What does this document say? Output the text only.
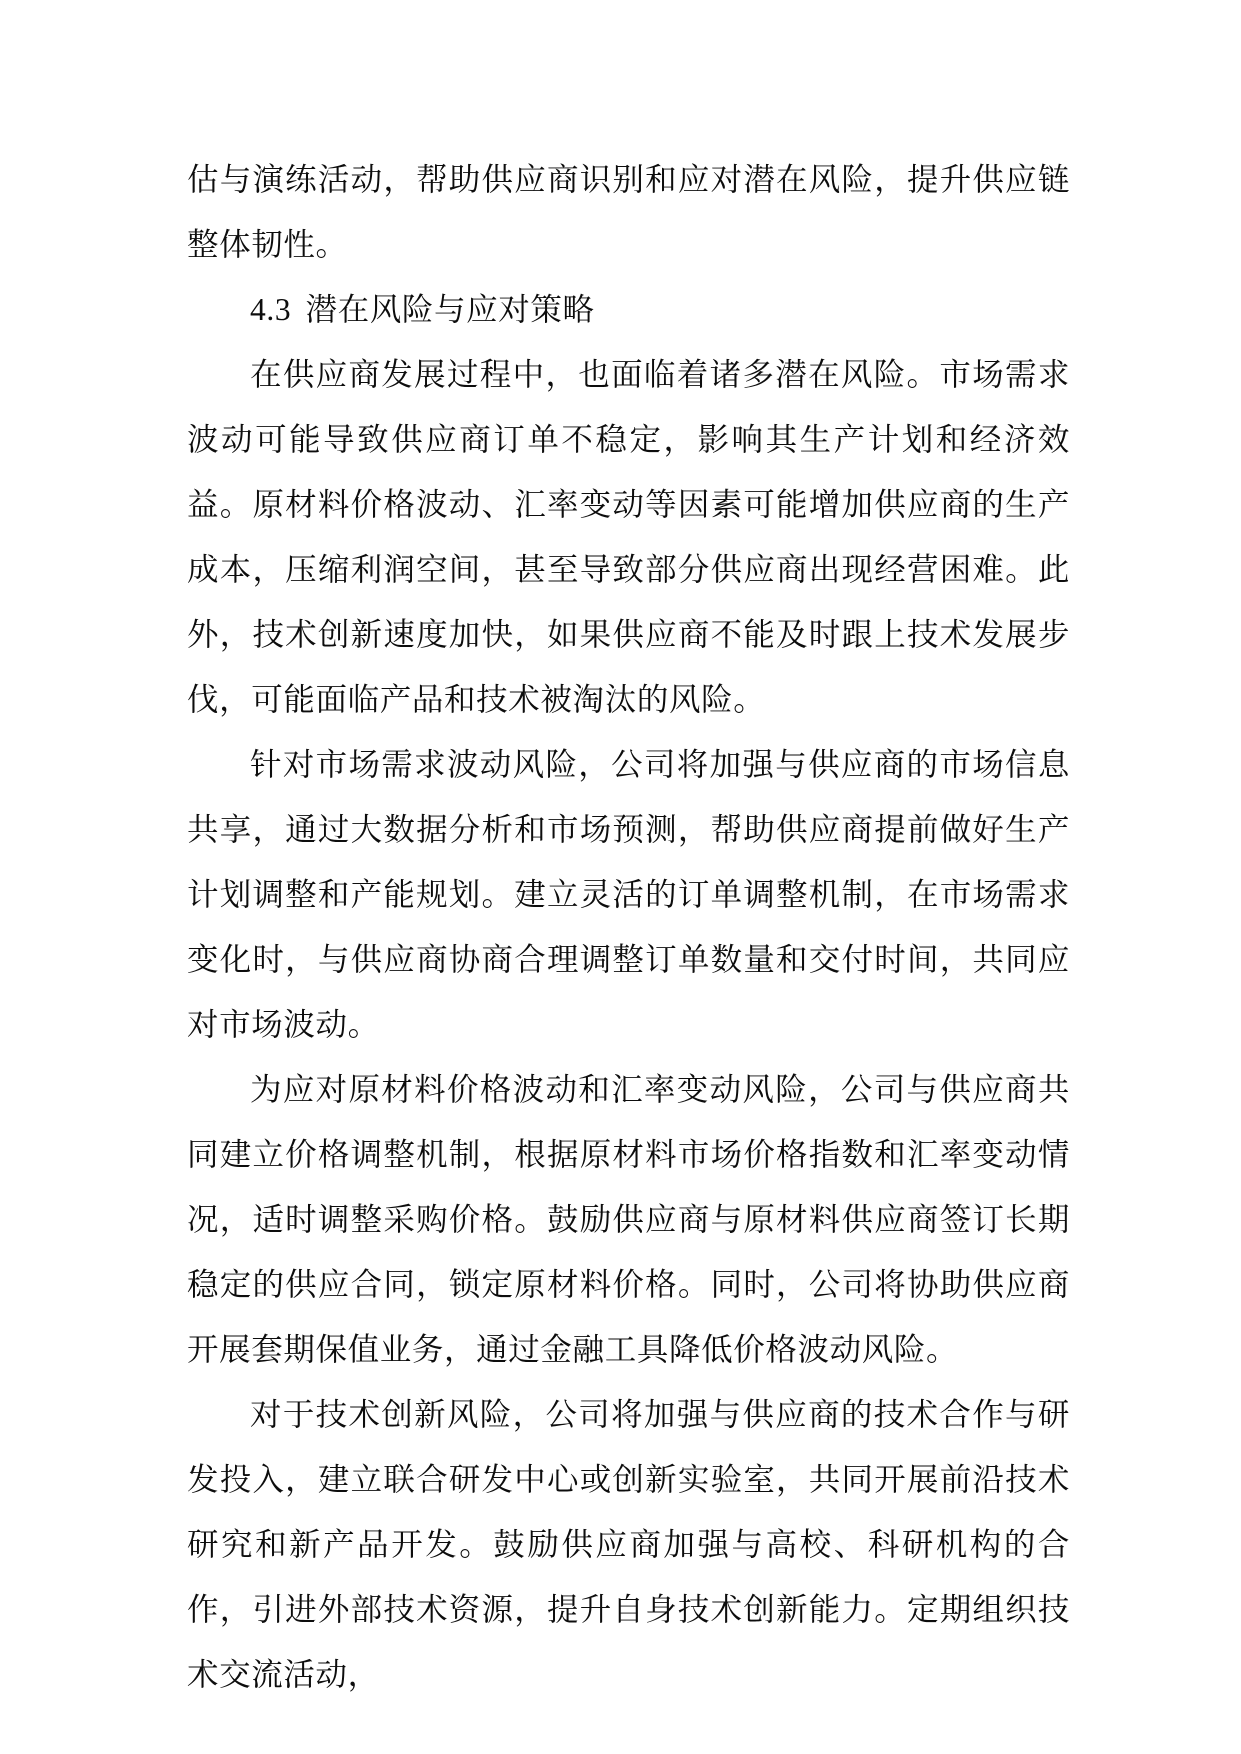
估与演练活动，帮助供应商识别和应对潜在风险，提升供应链整体韧性。

4.3 潜在风险与应对策略

在供应商发展过程中，也面临着诸多潜在风险。市场需求波动可能导致供应商订单不稳定，影响其生产计划和经济效益。原材料价格波动、汇率变动等因素可能增加供应商的生产成本，压缩利润空间，甚至导致部分供应商出现经营困难。此外，技术创新速度加快，如果供应商不能及时跟上技术发展步伐，可能面临产品和技术被淘汰的风险。

针对市场需求波动风险，公司将加强与供应商的市场信息共享，通过大数据分析和市场预测，帮助供应商提前做好生产计划调整和产能规划。建立灵活的订单调整机制，在市场需求变化时，与供应商协商合理调整订单数量和交付时间，共同应对市场波动。

为应对原材料价格波动和汇率变动风险，公司与供应商共同建立价格调整机制，根据原材料市场价格指数和汇率变动情况，适时调整采购价格。鼓励供应商与原材料供应商签订长期稳定的供应合同，锁定原材料价格。同时，公司将协助供应商开展套期保值业务，通过金融工具降低价格波动风险。

对于技术创新风险，公司将加强与供应商的技术合作与研发投入，建立联合研发中心或创新实验室，共同开展前沿技术研究和新产品开发。鼓励供应商加强与高校、科研机构的合作，引进外部技术资源，提升自身技术创新能力。定期组织技术交流活动，
